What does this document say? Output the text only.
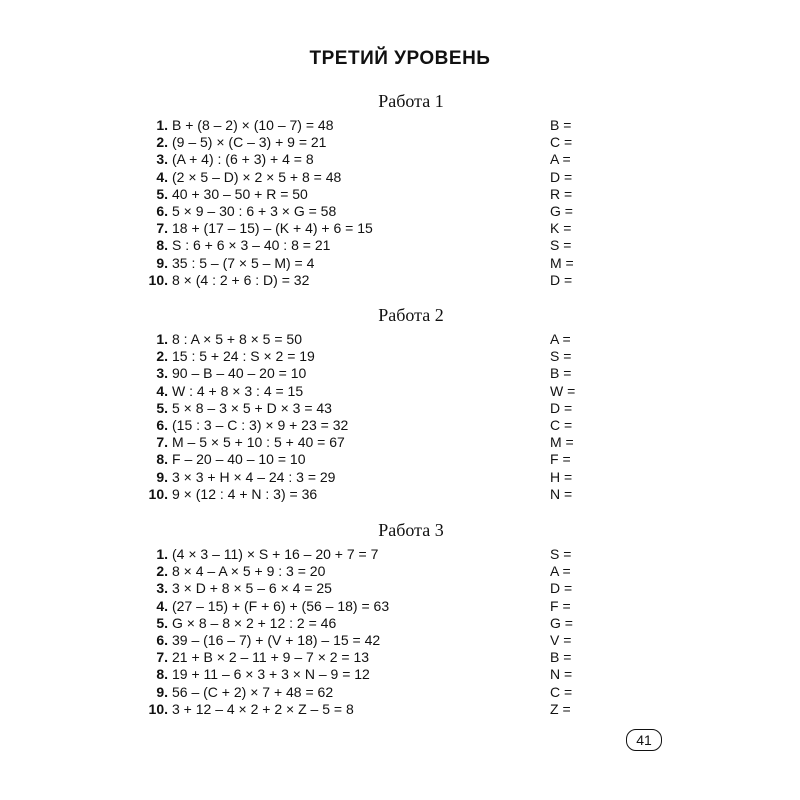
ТРЕТИЙ УРОВЕНЬ
Работа 1
1. B + (8 – 2) × (10 – 7) = 48	B =
2. (9 – 5) × (C – 3) + 9 = 21	C =
3. (A + 4) : (6 + 3) + 4 = 8	A =
4. (2 × 5 – D) × 2 × 5 + 8 = 48	D =
5. 40 + 30 – 50 + R = 50	R =
6. 5 × 9 – 30 : 6 + 3 × G = 58	G =
7. 18 + (17 – 15) – (K + 4) + 6 = 15	K =
8. S : 6 + 6 × 3 – 40 : 8 = 21	S =
9. 35 : 5 – (7 × 5 – M) = 4	M =
10. 8 × (4 : 2 + 6 : D) = 32	D =
Работа 2
1. 8 : A × 5 + 8 × 5 = 50	A =
2. 15 : 5 + 24 : S × 2 = 19	S =
3. 90 – B – 40 – 20 = 10	B =
4. W : 4 + 8 × 3 : 4 = 15	W =
5. 5 × 8 – 3 × 5 + D × 3 = 43	D =
6. (15 : 3 – C : 3) × 9 + 23 = 32	C =
7. M – 5 × 5 + 10 : 5 + 40 = 67	M =
8. F – 20 – 40 – 10 = 10	F =
9. 3 × 3 + H × 4 – 24 : 3 = 29	H =
10. 9 × (12 : 4 + N : 3) = 36	N =
Работа 3
1. (4 × 3 – 11) × S + 16 – 20 + 7 = 7	S =
2. 8 × 4 – A × 5 + 9 : 3 = 20	A =
3. 3 × D + 8 × 5 – 6 × 4 = 25	D =
4. (27 – 15) + (F + 6) + (56 – 18) = 63	F =
5. G × 8 – 8 × 2 + 12 : 2 = 46	G =
6. 39 – (16 – 7) + (V + 18) – 15 = 42	V =
7. 21 + B × 2 – 11 + 9 – 7 × 2 = 13	B =
8. 19 + 11 – 6 × 3 + 3 × N – 9 = 12	N =
9. 56 – (C + 2) × 7 + 48 = 62	C =
10. 3 + 12 – 4 × 2 + 2 × Z – 5 = 8	Z =
41
